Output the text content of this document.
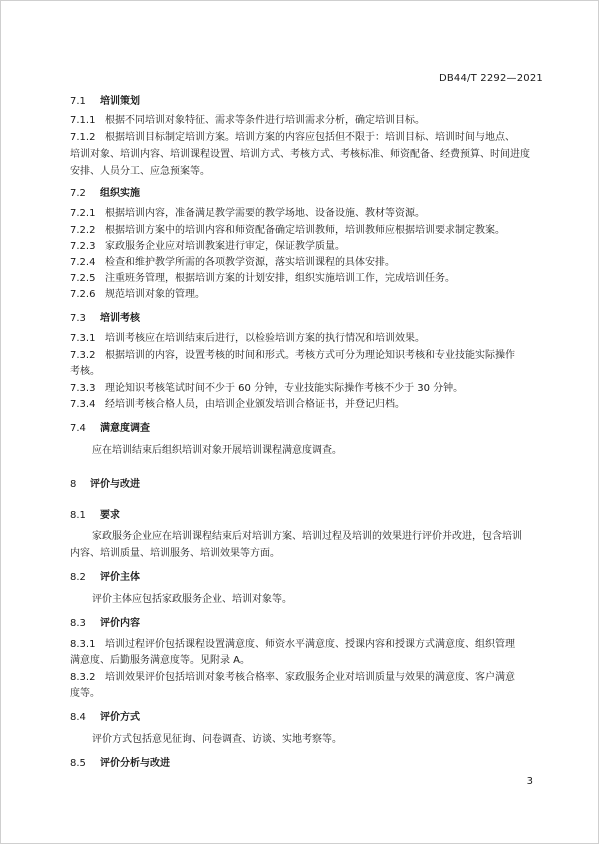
DB44/T 2292—2021
7.1 培训策划
7.1.1 根据不同培训对象特征、需求等条件进行培训需求分析，确定培训目标。
7.1.2 根据培训目标制定培训方案。培训方案的内容应包括但不限于：培训目标、培训时间与地点、
培训对象、培训内容、培训课程设置、培训方式、考核方式、考核标准、师资配备、经费预算、时间进度安排、人员分工、应急预案等。
7.2 组织实施
7.2.1 根据培训内容，准备满足教学需要的教学场地、设备设施、教材等资源。
7.2.2 根据培训方案中的培训内容和师资配备确定培训教师，培训教师应根据培训要求制定教案。
7.2.3 家政服务企业应对培训教案进行审定，保证教学质量。
7.2.4 检查和维护教学所需的各项教学资源，落实培训课程的具体安排。
7.2.5 注重班务管理，根据培训方案的计划安排，组织实施培训工作，完成培训任务。
7.2.6 规范培训对象的管理。
7.3 培训考核
7.3.1 培训考核应在培训结束后进行，以检验培训方案的执行情况和培训效果。
7.3.2 根据培训的内容，设置考核的时间和形式。考核方式可分为理论知识考核和专业技能实际操作
考核。
7.3.3 理论知识考核笔试时间不少于 60 分钟，专业技能实际操作考核不少于 30 分钟。
7.3.4 经培训考核合格人员，由培训企业颁发培训合格证书，并登记归档。
7.4 满意度调查
应在培训结束后组织培训对象开展培训课程满意度调查。
8 评价与改进
8.1 要求
家政服务企业应在培训课程结束后对培训方案、培训过程及培训的效果进行评价并改进，包含培训
内容、培训质量、培训服务、培训效果等方面。
8.2 评价主体
评价主体应包括家政服务企业、培训对象等。
8.3 评价内容
8.3.1 培训过程评价包括课程设置满意度、师资水平满意度、授课内容和授课方式满意度、组织管理
满意度、后勤服务满意度等。见附录 A。
8.3.2 培训效果评价包括培训对象考核合格率、家政服务企业对培训质量与效果的满意度、客户满意
度等。
8.4 评价方式
评价方式包括意见征询、问卷调查、访谈、实地考察等。
8.5 评价分析与改进
3
